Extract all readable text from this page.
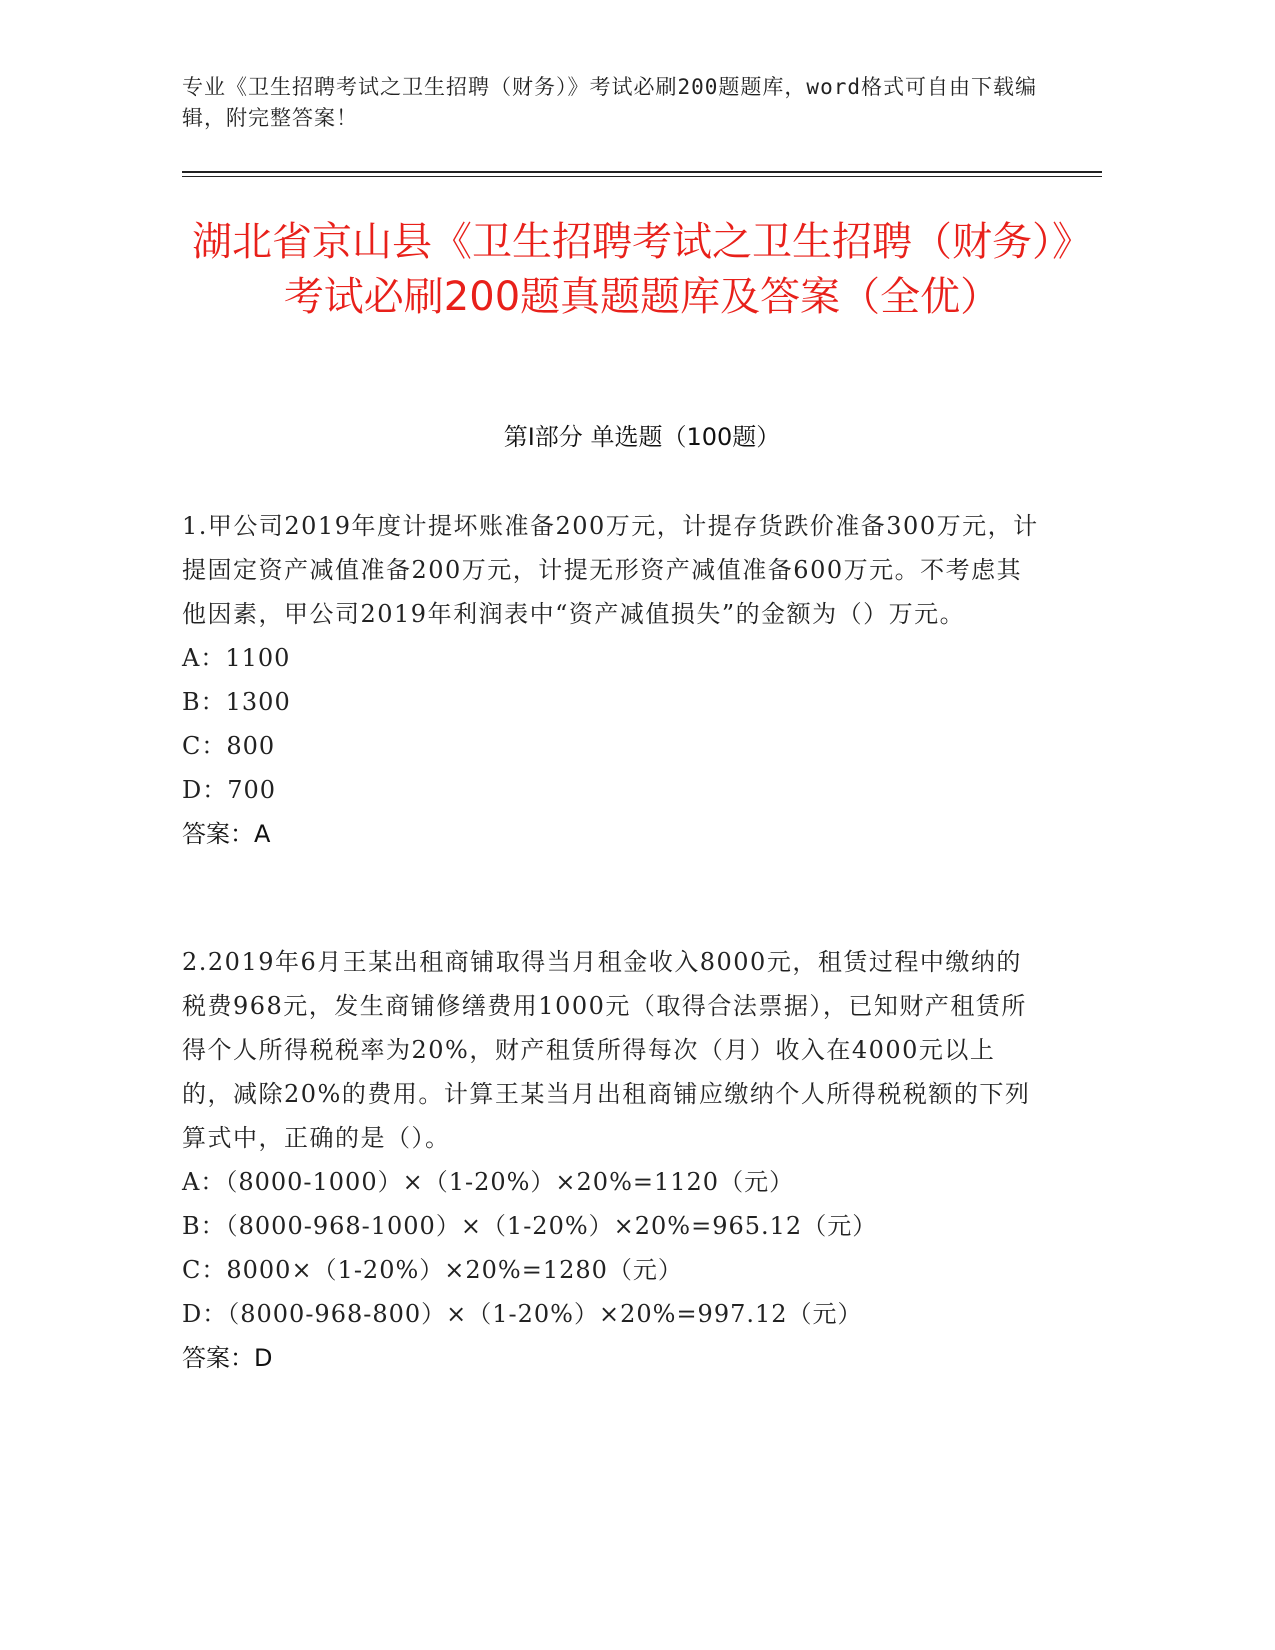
专业《卫生招聘考试之卫生招聘（财务）》考试必刷200题题库，word格式可自由下载编辑，附完整答案！
湖北省京山县《卫生招聘考试之卫生招聘（财务）》考试必刷200题真题题库及答案（全优）
第Ⅰ部分 单选题（100题）

1.甲公司2019年度计提坏账准备200万元，计提存货跌价准备300万元，计提固定资产减值准备200万元，计提无形资产减值准备600万元。不考虑其他因素，甲公司2019年利润表中“资产减值损失”的金额为（）万元。

A：1100

B：1300

C：800

D：700

答案：A

2.2019年6月王某出租商铺取得当月租金收入8000元，租赁过程中缴纳的税费968元，发生商铺修缮费用1000元（取得合法票据），已知财产租赁所得个人所得税税率为20%，财产租赁所得每次（月）收入在4000元以上的，减除20%的费用。计算王某当月出租商铺应缴纳个人所得税税额的下列算式中，正确的是（）。

A：（8000-1000）×（1-20%）×20%=1120（元）

B：（8000-968-1000）×（1-20%）×20%=965.12（元）

C：8000×（1-20%）×20%=1280（元）

D：（8000-968-800）×（1-20%）×20%=997.12（元）

答案：D
